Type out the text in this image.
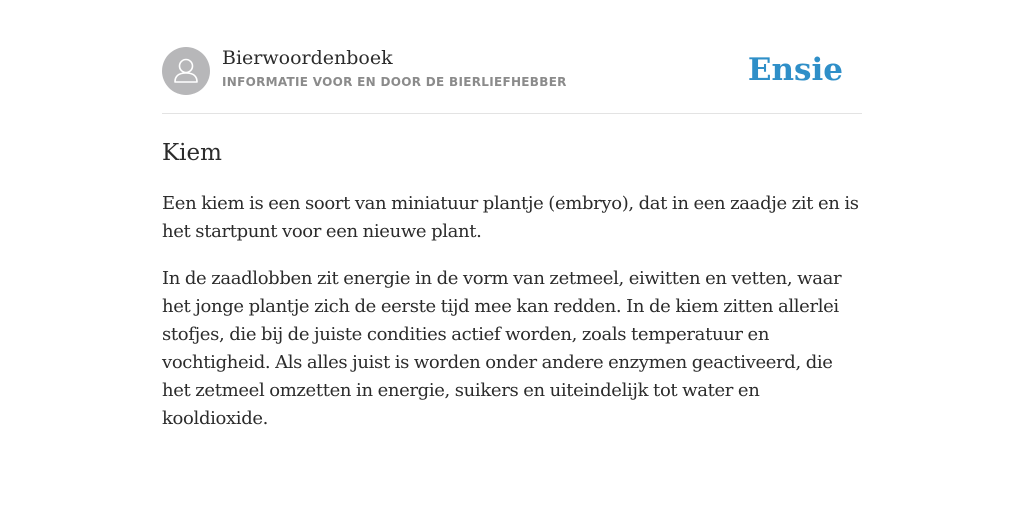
Bierwoordenboek
INFORMATIE VOOR EN DOOR DE BIERLIEFHEBBER	Ensie
Kiem

Een kiem is een soort van miniatuur plantje (embryo), dat in een zaadje zit en is het startpunt voor een nieuwe plant.

In de zaadlobben zit energie in de vorm van zetmeel, eiwitten en vetten, waar het jonge plantje zich de eerste tijd mee kan redden. In de kiem zitten allerlei stofjes, die bij de juiste condities actief worden, zoals temperatuur en vochtigheid. Als alles juist is worden onder andere enzymen geactiveerd, die het zetmeel omzetten in energie, suikers en uiteindelijk tot water en kooldioxide.
